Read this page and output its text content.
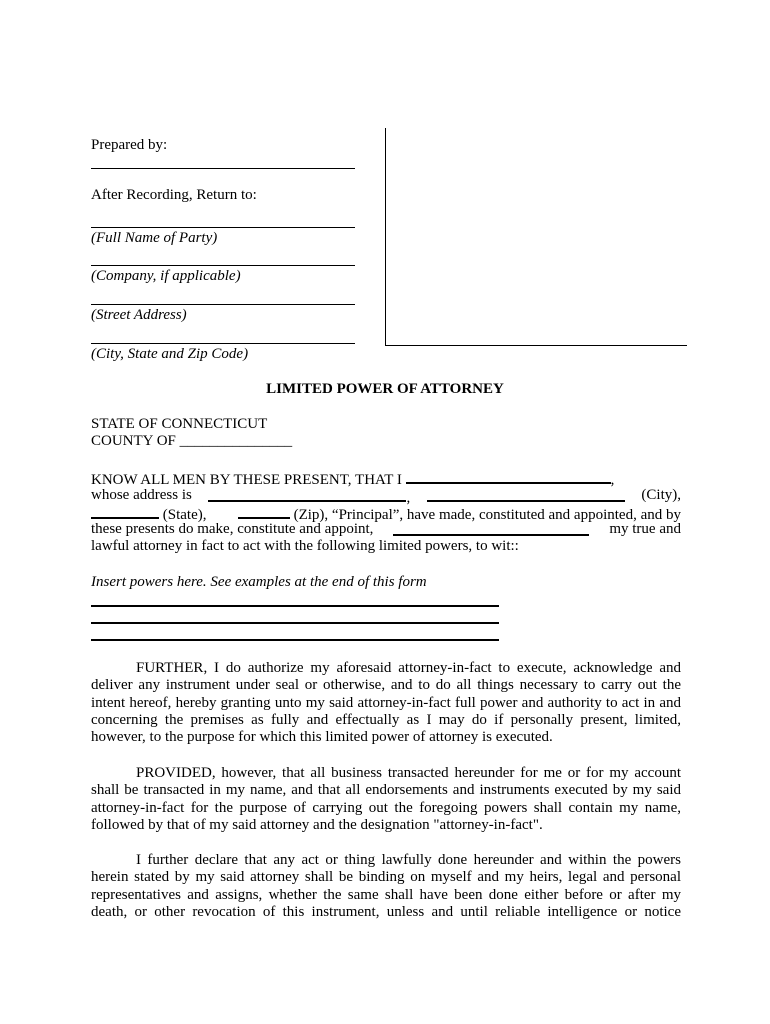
Prepared by:
After Recording, Return to:
(Full Name of Party)
(Company, if applicable)
(Street Address)
(City, State and Zip Code)
LIMITED POWER OF ATTORNEY
STATE OF CONNECTICUT
COUNTY OF _______________
KNOW ALL MEN BY THESE PRESENT, THAT I	,
whose address is	,	(City),
(State),	(Zip), “Principal”, have made, constituted and appointed, and by
these presents do make, constitute and appoint,	my true and
lawful attorney in fact to act with the following limited powers, to wit::
Insert powers here. See examples at the end of this form
FURTHER, I do authorize my aforesaid attorney-in-fact to execute, acknowledge and deliver any instrument under seal or otherwise, and to do all things necessary to carry out the intent hereof, hereby granting unto my said attorney-in-fact full power and authority to act in and concerning the premises as fully and effectually as I may do if personally present, limited, however, to the purpose for which this limited power of attorney is executed.
PROVIDED, however, that all business transacted hereunder for me or for my account shall be transacted in my name, and that all endorsements and instruments executed by my said attorney-in-fact for the purpose of carrying out the foregoing powers shall contain my name, followed by that of my said attorney and the designation "attorney-in-fact".
I further declare that any act or thing lawfully done hereunder and within the powers herein stated by my said attorney shall be binding on myself and my heirs, legal and personal representatives and assigns, whether the same shall have been done either before or after my death, or other revocation of this instrument, unless and until reliable intelligence or notice
